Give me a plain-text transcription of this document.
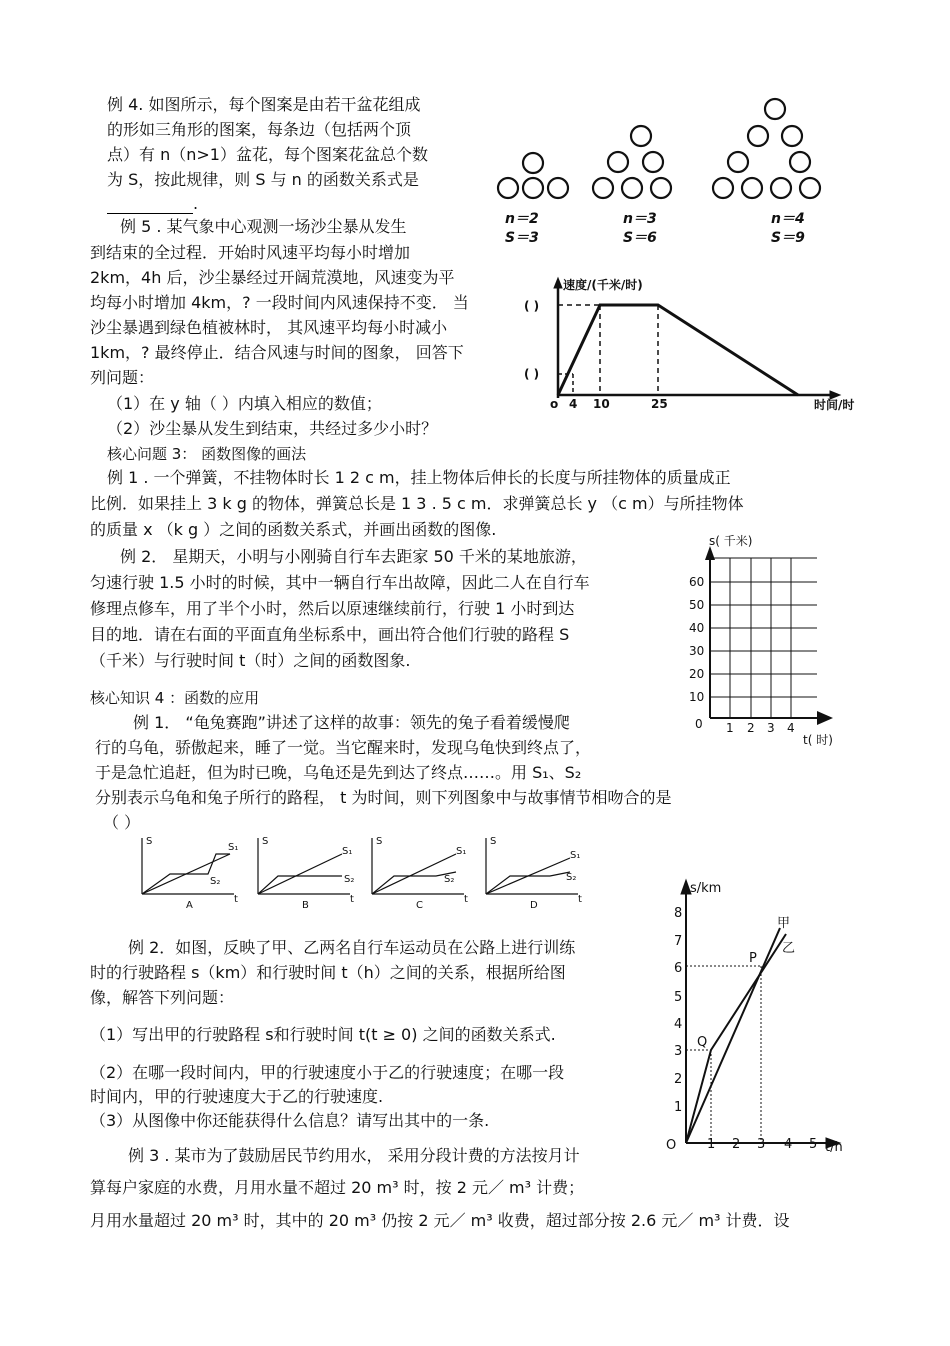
例 4. 如图所示，每个图案是由若干盆花组成
的形如三角形的图案，每条边（包括两个顶
点）有 n（n>1）盆花，每个图案花盆总个数
为 S，按此规律，则 S 与 n 的函数关系式是
.
n＝2
S＝3
n＝3
S＝6
n＝4
S＝9
例 5 . 某气象中心观测一场沙尘暴从发生
到结束的全过程．开始时风速平均每小时增加
2km，4h 后，沙尘暴经过开阔荒漠地，风速变为平
均每小时增加 4km，? 一段时间内风速保持不变． 当
沙尘暴遇到绿色植被林时， 其风速平均每小时减小
1km，? 最终停止．结合风速与时间的图象， 回答下
列问题：
（1）在 y 轴（ ）内填入相应的数值；
（2）沙尘暴从发生到结束，共经过多少小时？
速度/(千米/时)
时间/时
( )
( )
o 4 10	25
核心问题 3： 函数图像的画法
例 1 . 一个弹簧，不挂物体时长 1 2 c m，挂上物体后伸长的长度与所挂物体的质量成正
比例．如果挂上 3 k g 的物体，弹簧总长是 1 3 . 5 c m．求弹簧总长 y （c m）与所挂物体
的质量 x （k g ）之间的函数关系式，并画出函数的图像.
例 2． 星期天，小明与小刚骑自行车去距家 50 千米的某地旅游，
匀速行驶 1.5 小时的时候，其中一辆自行车出故障，因此二人在自行车
修理点修车，用了半个小时，然后以原速继续前行，行驶 1 小时到达
目的地．请在右面的平面直角坐标系中，画出符合他们行驶的路程 S
（千米）与行驶时间 t（时）之间的函数图象.
s( 千米)
t( 时)
0
10
20
30
40
50
60
1 2 3 4
核心知识 4 ：函数的应用
例 1． “龟兔赛跑”讲述了这样的故事：领先的兔子看着缓慢爬
行的乌龟，骄傲起来，睡了一觉。当它醒来时，发现乌龟快到终点了，
于是急忙追赶，但为时已晚，乌龟还是先到达了终点……。用 S₁、S₂
分别表示乌龟和兔子所行的路程， t 为时间，则下列图象中与故事情节相吻合的是
（ ）
S
S₁
S₂
t
A
S
S₁
S₂
t
B
S
S₁
S₂
t
C
S
S₁
S₂
t
D
例 2．如图，反映了甲、乙两名自行车运动员在公路上进行训练
时的行驶路程 s（km）和行驶时间 t（h）之间的关系，根据所给图
像，解答下列问题：
（1）写出甲的行驶路程 s和行驶时间 t(t ≥ 0) 之间的函数关系式.
（2）在哪一段时间内，甲的行驶速度小于乙的行驶速度；在哪一段
时间内，甲的行驶速度大于乙的行驶速度.
（3）从图像中你还能获得什么信息？请写出其中的一条.
s/km
t/h
O
1
2
3
4
5
6
7
8
1 2 3 4 5
甲
乙
P
Q
例 3 . 某市为了鼓励居民节约用水， 采用分段计费的方法按月计
算每户家庭的水费，月用水量不超过 20 m³ 时，按 2 元／ m³ 计费；
月用水量超过 20 m³ 时，其中的 20 m³ 仍按 2 元／ m³ 收费，超过部分按 2.6 元／ m³ 计费．设
